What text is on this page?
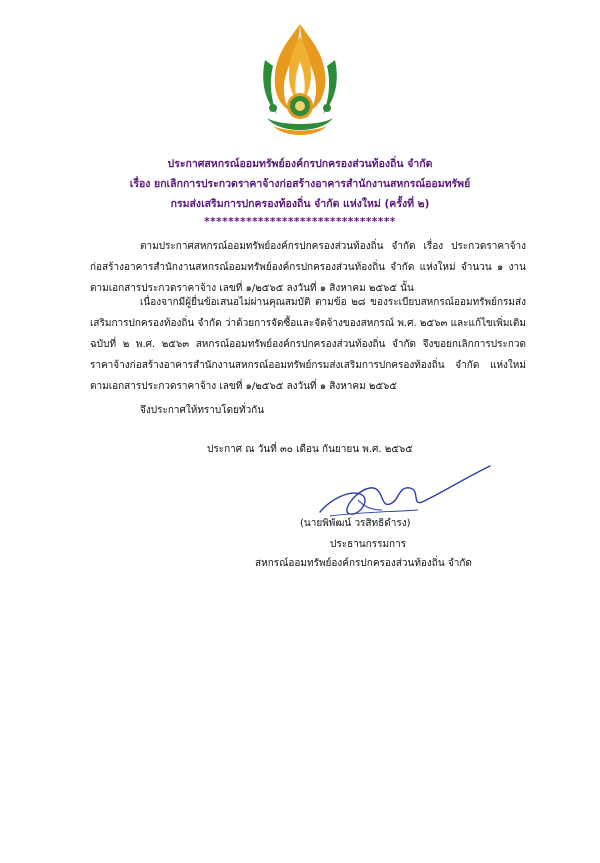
ประกาศสหกรณ์ออมทรัพย์องค์กรปกครองส่วนท้องถิ่น จำกัด
เรื่อง ยกเลิกการประกวดราคาจ้างก่อสร้างอาคารสำนักงานสหกรณ์ออมทรัพย์
กรมส่งเสริมการปกครองท้องถิ่น จำกัด แห่งใหม่ (ครั้งที่ ๒)
********************************
ตามประกาศสหกรณ์ออมทรัพย์องค์กรปกครองส่วนท้องถิ่น จำกัด เรื่อง ประกวดราคาจ้างก่อสร้างอาคารสำนักงานสหกรณ์ออมทรัพย์องค์กรปกครองส่วนท้องถิ่น จำกัด แห่งใหม่ จำนวน ๑ งาน ตามเอกสารประกวดราคาจ้าง เลขที่ ๑/๒๕๖๕ ลงวันที่ ๑ สิงหาคม ๒๕๖๕ นั้น
เนื่องจากมีผู้ยื่นข้อเสนอไม่ผ่านคุณสมบัติ ตามข้อ ๒๘ ของระเบียบสหกรณ์ออมทรัพย์กรมส่งเสริมการปกครองท้องถิ่น จำกัด ว่าด้วยการจัดซื้อและจัดจ้างของสหกรณ์ พ.ศ. ๒๕๖๓ และแก้ไขเพิ่มเติม ฉบับที่ ๒ พ.ศ. ๒๕๖๓ สหกรณ์ออมทรัพย์องค์กรปกครองส่วนท้องถิ่น จำกัด จึงขอยกเลิกการประกวดราคาจ้างก่อสร้างอาคารสำนักงานสหกรณ์ออมทรัพย์กรมส่งเสริมการปกครองท้องถิ่น จำกัด แห่งใหม่ ตามเอกสารประกวดราคาจ้าง เลขที่ ๑/๒๕๖๕ ลงวันที่ ๑ สิงหาคม ๒๕๖๕
จึงประกาศให้ทราบโดยทั่วกัน
ประกาศ ณ วันที่ ๓๐ เดือน กันยายน พ.ศ. ๒๕๖๕
(นายพิพัฒน์ วรสิทธิดำรง)
ประธานกรรมการ
สหกรณ์ออมทรัพย์องค์กรปกครองส่วนท้องถิ่น จำกัด
